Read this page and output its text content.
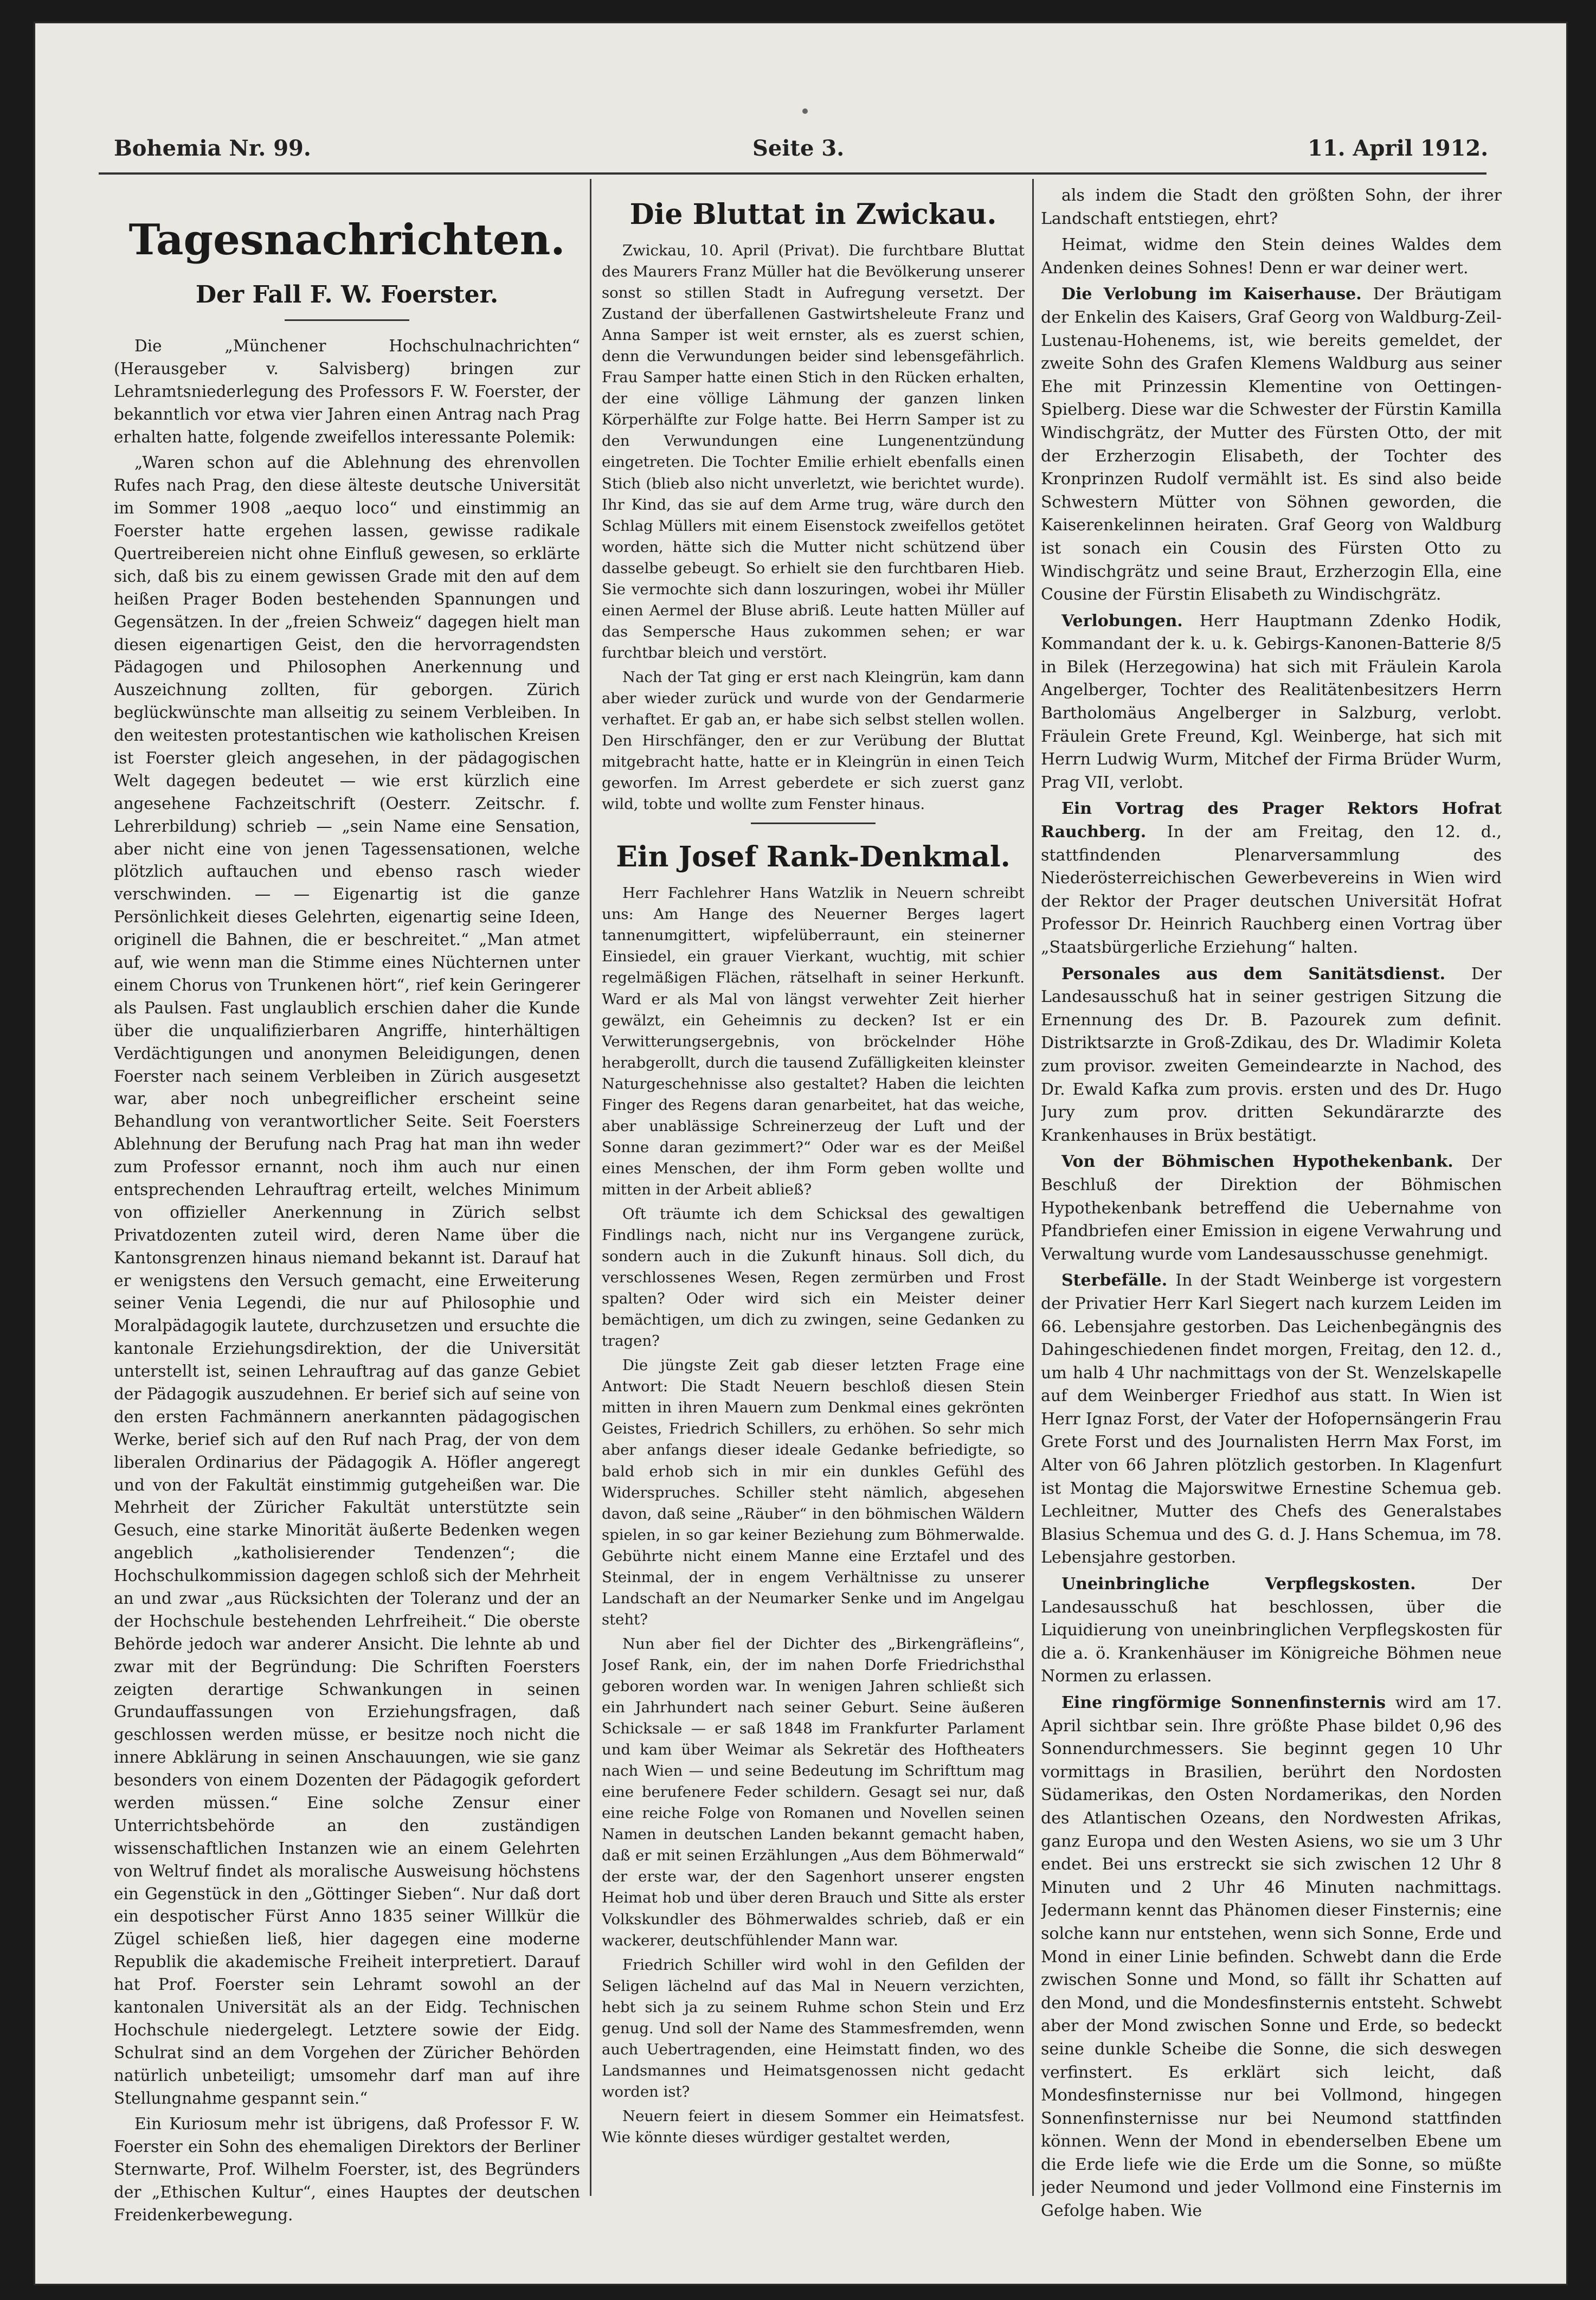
Bohemia Nr. 99.	Seite 3.	11. April 1912.
Tagesnachrichten.
Der Fall F. W. Foerster.

Die „Münchener Hochschulnachrichten“ (Herausgeber v. Salvisberg) bringen zur Lehramtsniederlegung des Professors F. W. Foerster, der bekanntlich vor etwa vier Jahren einen Antrag nach Prag erhalten hatte, folgende zweifellos interessante Polemik:

„Waren schon auf die Ablehnung des ehrenvollen Rufes nach Prag, den diese älteste deutsche Universität im Sommer 1908 „aequo loco“ und einstimmig an Foerster hatte ergehen lassen, gewisse radikale Quertreibereien nicht ohne Einfluß gewesen, so erklärte sich, daß bis zu einem gewissen Grade mit den auf dem heißen Prager Boden bestehenden Spannungen und Gegensätzen. In der „freien Schweiz“ dagegen hielt man diesen eigenartigen Geist, den die hervorragendsten Pädagogen und Philosophen Anerkennung und Auszeichnung zollten, für geborgen. Zürich beglückwünschte man allseitig zu seinem Verbleiben. In den weitesten protestantischen wie katholischen Kreisen ist Foerster gleich angesehen, in der pädagogischen Welt dagegen bedeutet — wie erst kürzlich eine angesehene Fachzeitschrift (Oesterr. Zeitschr. f. Lehrerbildung) schrieb — „sein Name eine Sensation, aber nicht eine von jenen Tagessensationen, welche plötzlich auftauchen und ebenso rasch wieder verschwinden. — — Eigenartig ist die ganze Persönlichkeit dieses Gelehrten, eigenartig seine Ideen, originell die Bahnen, die er beschreitet.“ „Man atmet auf, wie wenn man die Stimme eines Nüchternen unter einem Chorus von Trunkenen hört“, rief kein Geringerer als Paulsen. Fast unglaublich erschien daher die Kunde über die unqualifizierbaren Angriffe, hinterhältigen Verdächtigungen und anonymen Beleidigungen, denen Foerster nach seinem Verbleiben in Zürich ausgesetzt war, aber noch unbegreiflicher erscheint seine Behandlung von verantwortlicher Seite. Seit Foersters Ablehnung der Berufung nach Prag hat man ihn weder zum Professor ernannt, noch ihm auch nur einen entsprechenden Lehrauftrag erteilt, welches Minimum von offizieller Anerkennung in Zürich selbst Privatdozenten zuteil wird, deren Name über die Kantonsgrenzen hinaus niemand bekannt ist. Darauf hat er wenigstens den Versuch gemacht, eine Erweiterung seiner Venia Legendi, die nur auf Philosophie und Moralpädagogik lautete, durchzusetzen und ersuchte die kantonale Erziehungsdirektion, der die Universität unterstellt ist, seinen Lehrauftrag auf das ganze Gebiet der Pädagogik auszudehnen. Er berief sich auf seine von den ersten Fachmännern anerkannten pädagogischen Werke, berief sich auf den Ruf nach Prag, der von dem liberalen Ordinarius der Pädagogik A. Höfler angeregt und von der Fakultät einstimmig gutgeheißen war. Die Mehrheit der Züricher Fakultät unterstützte sein Gesuch, eine starke Minorität äußerte Bedenken wegen angeblich „katholisierender Tendenzen“; die Hochschulkommission dagegen schloß sich der Mehrheit an und zwar „aus Rücksichten der Toleranz und der an der Hochschule bestehenden Lehrfreiheit.“ Die oberste Behörde jedoch war anderer Ansicht. Die lehnte ab und zwar mit der Begründung: Die Schriften Foersters zeigten derartige Schwankungen in seinen Grundauffassungen von Erziehungsfragen, daß geschlossen werden müsse, er besitze noch nicht die innere Abklärung in seinen Anschauungen, wie sie ganz besonders von einem Dozenten der Pädagogik gefordert werden müssen.“ Eine solche Zensur einer Unterrichtsbehörde an den zuständigen wissenschaftlichen Instanzen wie an einem Gelehrten von Weltruf findet als moralische Ausweisung höchstens ein Gegenstück in den „Göttinger Sieben“. Nur daß dort ein despotischer Fürst Anno 1835 seiner Willkür die Zügel schießen ließ, hier dagegen eine moderne Republik die akademische Freiheit interpretiert. Darauf hat Prof. Foerster sein Lehramt sowohl an der kantonalen Universität als an der Eidg. Technischen Hochschule niedergelegt. Letztere sowie der Eidg. Schulrat sind an dem Vorgehen der Züricher Behörden natürlich unbeteiligt; umsomehr darf man auf ihre Stellungnahme gespannt sein.“

Ein Kuriosum mehr ist übrigens, daß Professor F. W. Foerster ein Sohn des ehemaligen Direktors der Berliner Sternwarte, Prof. Wilhelm Foerster, ist, des Begründers der „Ethischen Kultur“, eines Hauptes der deutschen Freidenkerbewegung.

Die Bluttat in Zwickau.

Zwickau, 10. April (Privat). Die furchtbare Bluttat des Maurers Franz Müller hat die Bevölkerung unserer sonst so stillen Stadt in Aufregung versetzt. Der Zustand der überfallenen Gastwirtsheleute Franz und Anna Samper ist weit ernster, als es zuerst schien, denn die Verwundungen beider sind lebensgefährlich. Frau Samper hatte einen Stich in den Rücken erhalten, der eine völlige Lähmung der ganzen linken Körperhälfte zur Folge hatte. Bei Herrn Samper ist zu den Verwundungen eine Lungenentzündung eingetreten. Die Tochter Emilie erhielt ebenfalls einen Stich (blieb also nicht unverletzt, wie berichtet wurde). Ihr Kind, das sie auf dem Arme trug, wäre durch den Schlag Müllers mit einem Eisenstock zweifellos getötet worden, hätte sich die Mutter nicht schützend über dasselbe gebeugt. So erhielt sie den furchtbaren Hieb. Sie vermochte sich dann loszuringen, wobei ihr Müller einen Aermel der Bluse abriß. Leute hatten Müller auf das Sempersche Haus zukommen sehen; er war furchtbar bleich und verstört.

Nach der Tat ging er erst nach Kleingrün, kam dann aber wieder zurück und wurde von der Gendarmerie verhaftet. Er gab an, er habe sich selbst stellen wollen. Den Hirschfänger, den er zur Verübung der Bluttat mitgebracht hatte, hatte er in Kleingrün in einen Teich geworfen. Im Arrest geberdete er sich zuerst ganz wild, tobte und wollte zum Fenster hinaus.

Ein Josef Rank-Denkmal.

Herr Fachlehrer Hans Watzlik in Neuern schreibt uns: Am Hange des Neuerner Berges lagert tannenumgittert, wipfelüberraunt, ein steinerner Einsiedel, ein grauer Vierkant, wuchtig, mit schier regelmäßigen Flächen, rätselhaft in seiner Herkunft. Ward er als Mal von längst verwehter Zeit hierher gewälzt, ein Geheimnis zu decken? Ist er ein Verwitterungsergebnis, von bröckelnder Höhe herabgerollt, durch die tausend Zufälligkeiten kleinster Naturgeschehnisse also gestaltet? Haben die leichten Finger des Regens daran genarbeitet, hat das weiche, aber unablässige Schreinerzeug der Luft und der Sonne daran gezimmert?“ Oder war es der Meißel eines Menschen, der ihm Form geben wollte und mitten in der Arbeit abließ?

Oft träumte ich dem Schicksal des gewaltigen Findlings nach, nicht nur ins Vergangene zurück, sondern auch in die Zukunft hinaus. Soll dich, du verschlossenes Wesen, Regen zermürben und Frost spalten? Oder wird sich ein Meister deiner bemächtigen, um dich zu zwingen, seine Gedanken zu tragen?

Die jüngste Zeit gab dieser letzten Frage eine Antwort: Die Stadt Neuern beschloß diesen Stein mitten in ihren Mauern zum Denkmal eines gekrönten Geistes, Friedrich Schillers, zu erhöhen. So sehr mich aber anfangs dieser ideale Gedanke befriedigte, so bald erhob sich in mir ein dunkles Gefühl des Widerspruches. Schiller steht nämlich, abgesehen davon, daß seine „Räuber“ in den böhmischen Wäldern spielen, in so gar keiner Beziehung zum Böhmerwalde. Gebührte nicht einem Manne eine Erztafel und des Steinmal, der in engem Verhältnisse zu unserer Landschaft an der Neumarker Senke und im Angelgau steht?

Nun aber fiel der Dichter des „Birkengräfleins“, Josef Rank, ein, der im nahen Dorfe Friedrichsthal geboren worden war. In wenigen Jahren schließt sich ein Jahrhundert nach seiner Geburt. Seine äußeren Schicksale — er saß 1848 im Frankfurter Parlament und kam über Weimar als Sekretär des Hoftheaters nach Wien — und seine Bedeutung im Schrifttum mag eine berufenere Feder schildern. Gesagt sei nur, daß eine reiche Folge von Romanen und Novellen seinen Namen in deutschen Landen bekannt gemacht haben, daß er mit seinen Erzählungen „Aus dem Böhmerwald“ der erste war, der den Sagenhort unserer engsten Heimat hob und über deren Brauch und Sitte als erster Volkskundler des Böhmerwaldes schrieb, daß er ein wackerer, deutschfühlender Mann war.

Friedrich Schiller wird wohl in den Gefilden der Seligen lächelnd auf das Mal in Neuern verzichten, hebt sich ja zu seinem Ruhme schon Stein und Erz genug. Und soll der Name des Stammesfremden, wenn auch Uebertragenden, eine Heimstatt finden, wo des Landsmannes und Heimatsgenossen nicht gedacht worden ist?

Neuern feiert in diesem Sommer ein Heimatsfest. Wie könnte dieses würdiger gestaltet werden,

als indem die Stadt den größten Sohn, der ihrer Landschaft entstiegen, ehrt?

Heimat, widme den Stein deines Waldes dem Andenken deines Sohnes! Denn er war deiner wert.

Die Verlobung im Kaiserhause. Der Bräutigam der Enkelin des Kaisers, Graf Georg von Waldburg-Zeil-Lustenau-Hohenems, ist, wie bereits gemeldet, der zweite Sohn des Grafen Klemens Waldburg aus seiner Ehe mit Prinzessin Klementine von Oettingen-Spielberg. Diese war die Schwester der Fürstin Kamilla Windischgrätz, der Mutter des Fürsten Otto, der mit der Erzherzogin Elisabeth, der Tochter des Kronprinzen Rudolf vermählt ist. Es sind also beide Schwestern Mütter von Söhnen geworden, die Kaiserenkelinnen heiraten. Graf Georg von Waldburg ist sonach ein Cousin des Fürsten Otto zu Windischgrätz und seine Braut, Erzherzogin Ella, eine Cousine der Fürstin Elisabeth zu Windischgrätz.

Verlobungen. Herr Hauptmann Zdenko Hodik, Kommandant der k. u. k. Gebirgs-Kanonen-Batterie 8/5 in Bilek (Herzegowina) hat sich mit Fräulein Karola Angelberger, Tochter des Realitätenbesitzers Herrn Bartholomäus Angelberger in Salzburg, verlobt. Fräulein Grete Freund, Kgl. Weinberge, hat sich mit Herrn Ludwig Wurm, Mitchef der Firma Brüder Wurm, Prag VII, verlobt.

Ein Vortrag des Prager Rektors Hofrat Rauchberg. In der am Freitag, den 12. d., stattfindenden Plenarversammlung des Niederösterreichischen Gewerbevereins in Wien wird der Rektor der Prager deutschen Universität Hofrat Professor Dr. Heinrich Rauchberg einen Vortrag über „Staatsbürgerliche Erziehung“ halten.

Personales aus dem Sanitätsdienst. Der Landesausschuß hat in seiner gestrigen Sitzung die Ernennung des Dr. B. Pazourek zum definit. Distriktsarzte in Groß-Zdikau, des Dr. Wladimir Koleta zum provisor. zweiten Gemeindearzte in Nachod, des Dr. Ewald Kafka zum provis. ersten und des Dr. Hugo Jury zum prov. dritten Sekundärarzte des Krankenhauses in Brüx bestätigt.

Von der Böhmischen Hypothekenbank. Der Beschluß der Direktion der Böhmischen Hypothekenbank betreffend die Uebernahme von Pfandbriefen einer Emission in eigene Verwahrung und Verwaltung wurde vom Landesausschusse genehmigt.

Sterbefälle. In der Stadt Weinberge ist vorgestern der Privatier Herr Karl Siegert nach kurzem Leiden im 66. Lebensjahre gestorben. Das Leichenbegängnis des Dahingeschiedenen findet morgen, Freitag, den 12. d., um halb 4 Uhr nachmittags von der St. Wenzelskapelle auf dem Weinberger Friedhof aus statt. In Wien ist Herr Ignaz Forst, der Vater der Hofopernsängerin Frau Grete Forst und des Journalisten Herrn Max Forst, im Alter von 66 Jahren plötzlich gestorben. In Klagenfurt ist Montag die Majorswitwe Ernestine Schemua geb. Lechleitner, Mutter des Chefs des Generalstabes Blasius Schemua und des G. d. J. Hans Schemua, im 78. Lebensjahre gestorben.

Uneinbringliche Verpflegskosten. Der Landesausschuß hat beschlossen, über die Liquidierung von uneinbringlichen Verpflegskosten für die a. ö. Krankenhäuser im Königreiche Böhmen neue Normen zu erlassen.

Eine ringförmige Sonnenfinsternis wird am 17. April sichtbar sein. Ihre größte Phase bildet 0,96 des Sonnendurchmessers. Sie beginnt gegen 10 Uhr vormittags in Brasilien, berührt den Nordosten Südamerikas, den Osten Nordamerikas, den Norden des Atlantischen Ozeans, den Nordwesten Afrikas, ganz Europa und den Westen Asiens, wo sie um 3 Uhr endet. Bei uns erstreckt sie sich zwischen 12 Uhr 8 Minuten und 2 Uhr 46 Minuten nachmittags. Jedermann kennt das Phänomen dieser Finsternis; eine solche kann nur entstehen, wenn sich Sonne, Erde und Mond in einer Linie befinden. Schwebt dann die Erde zwischen Sonne und Mond, so fällt ihr Schatten auf den Mond, und die Mondesfinsternis entsteht. Schwebt aber der Mond zwischen Sonne und Erde, so bedeckt seine dunkle Scheibe die Sonne, die sich deswegen verfinstert. Es erklärt sich leicht, daß Mondesfinsternisse nur bei Vollmond, hingegen Sonnenfinsternisse nur bei Neumond stattfinden können. Wenn der Mond in ebenderselben Ebene um die Erde liefe wie die Erde um die Sonne, so müßte jeder Neumond und jeder Vollmond eine Finsternis im Gefolge haben. Wie
